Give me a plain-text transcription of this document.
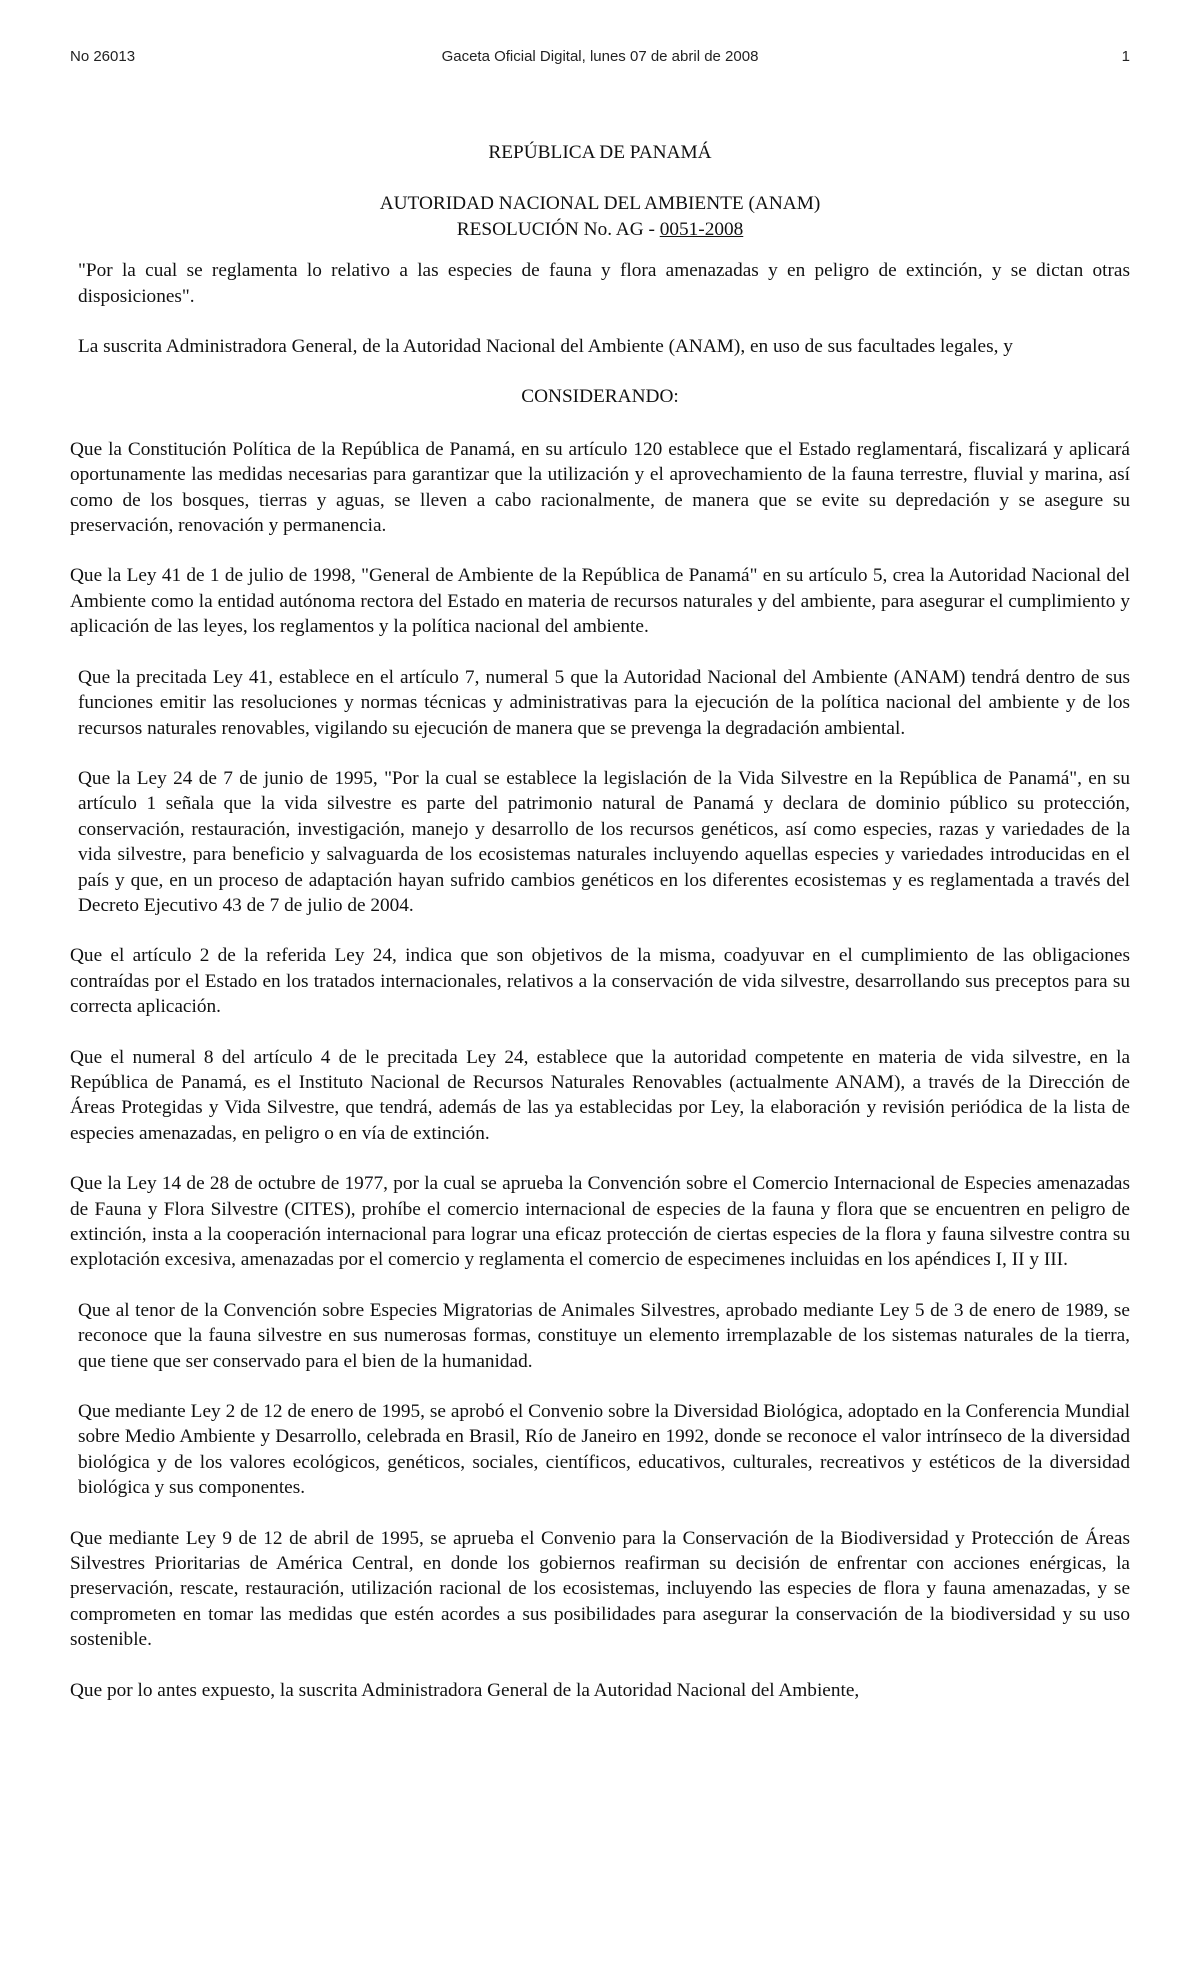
No 26013	Gaceta Oficial Digital, lunes 07 de abril de 2008	1
REPÚBLICA DE PANAMÁ
AUTORIDAD NACIONAL DEL AMBIENTE (ANAM)
RESOLUCIÓN No. AG - 0051-2008

"Por la cual se reglamenta lo relativo a las especies de fauna y flora amenazadas y en peligro de extinción, y se dictan otras disposiciones".

La suscrita Administradora General, de la Autoridad Nacional del Ambiente (ANAM), en uso de sus facultades legales, y

CONSIDERANDO:

Que la Constitución Política de la República de Panamá, en su artículo 120 establece que el Estado reglamentará, fiscalizará y aplicará oportunamente las medidas necesarias para garantizar que la utilización y el aprovechamiento de la fauna terrestre, fluvial y marina, así como de los bosques, tierras y aguas, se lleven a cabo racionalmente, de manera que se evite su depredación y se asegure su preservación, renovación y permanencia.

Que la Ley 41 de 1 de julio de 1998, "General de Ambiente de la República de Panamá" en su artículo 5, crea la Autoridad Nacional del Ambiente como la entidad autónoma rectora del Estado en materia de recursos naturales y del ambiente, para asegurar el cumplimiento y aplicación de las leyes, los reglamentos y la política nacional del ambiente.

Que la precitada Ley 41, establece en el artículo 7, numeral 5 que la Autoridad Nacional del Ambiente (ANAM) tendrá dentro de sus funciones emitir las resoluciones y normas técnicas y administrativas para la ejecución de la política nacional del ambiente y de los recursos naturales renovables, vigilando su ejecución de manera que se prevenga la degradación ambiental.

Que la Ley 24 de 7 de junio de 1995, "Por la cual se establece la legislación de la Vida Silvestre en la República de Panamá", en su artículo 1 señala que la vida silvestre es parte del patrimonio natural de Panamá y declara de dominio público su protección, conservación, restauración, investigación, manejo y desarrollo de los recursos genéticos, así como especies, razas y variedades de la vida silvestre, para beneficio y salvaguarda de los ecosistemas naturales incluyendo aquellas especies y variedades introducidas en el país y que, en un proceso de adaptación hayan sufrido cambios genéticos en los diferentes ecosistemas y es reglamentada a través del Decreto Ejecutivo 43 de 7 de julio de 2004.

Que el artículo 2 de la referida Ley 24, indica que son objetivos de la misma, coadyuvar en el cumplimiento de las obligaciones contraídas por el Estado en los tratados internacionales, relativos a la conservación de vida silvestre, desarrollando sus preceptos para su correcta aplicación.

Que el numeral 8 del artículo 4 de le precitada Ley 24, establece que la autoridad competente en materia de vida silvestre, en la República de Panamá, es el Instituto Nacional de Recursos Naturales Renovables (actualmente ANAM), a través de la Dirección de Áreas Protegidas y Vida Silvestre, que tendrá, además de las ya establecidas por Ley, la elaboración y revisión periódica de la lista de especies amenazadas, en peligro o en vía de extinción.

Que la Ley 14 de 28 de octubre de 1977, por la cual se aprueba la Convención sobre el Comercio Internacional de Especies amenazadas de Fauna y Flora Silvestre (CITES), prohíbe el comercio internacional de especies de la fauna y flora que se encuentren en peligro de extinción, insta a la cooperación internacional para lograr una eficaz protección de ciertas especies de la flora y fauna silvestre contra su explotación excesiva, amenazadas por el comercio y reglamenta el comercio de especimenes incluidas en los apéndices I, II y III.

Que al tenor de la Convención sobre Especies Migratorias de Animales Silvestres, aprobado mediante Ley 5 de 3 de enero de 1989, se reconoce que la fauna silvestre en sus numerosas formas, constituye un elemento irremplazable de los sistemas naturales de la tierra, que tiene que ser conservado para el bien de la humanidad.

Que mediante Ley 2 de 12 de enero de 1995, se aprobó el Convenio sobre la Diversidad Biológica, adoptado en la Conferencia Mundial sobre Medio Ambiente y Desarrollo, celebrada en Brasil, Río de Janeiro en 1992, donde se reconoce el valor intrínseco de la diversidad biológica y de los valores ecológicos, genéticos, sociales, científicos, educativos, culturales, recreativos y estéticos de la diversidad biológica y sus componentes.

Que mediante Ley 9 de 12 de abril de 1995, se aprueba el Convenio para la Conservación de la Biodiversidad y Protección de Áreas Silvestres Prioritarias de América Central, en donde los gobiernos reafirman su decisión de enfrentar con acciones enérgicas, la preservación, rescate, restauración, utilización racional de los ecosistemas, incluyendo las especies de flora y fauna amenazadas, y se comprometen en tomar las medidas que estén acordes a sus posibilidades para asegurar la conservación de la biodiversidad y su uso sostenible.

Que por lo antes expuesto, la suscrita Administradora General de la Autoridad Nacional del Ambiente,
